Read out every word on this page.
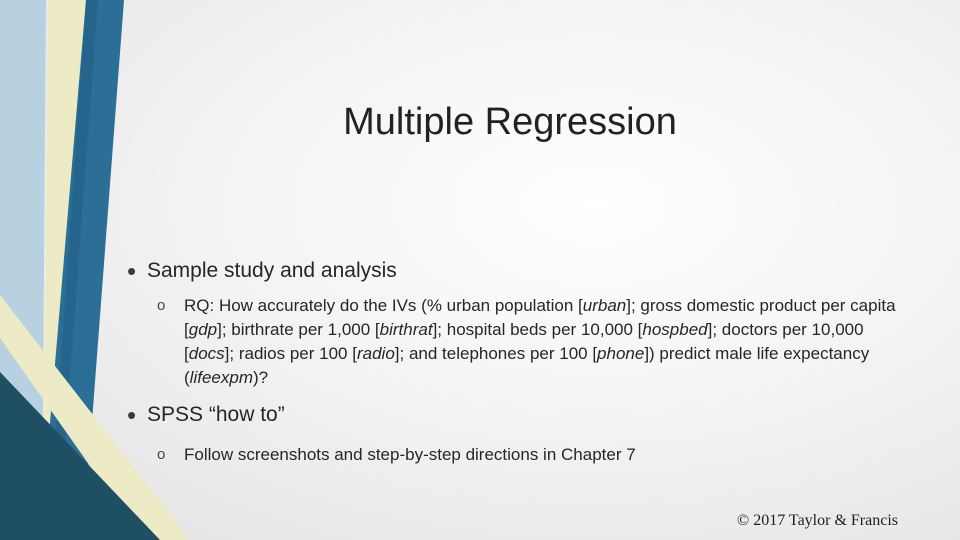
Multiple Regression
• Sample study and analysis
o RQ: How accurately do the IVs (% urban population [urban]; gross domestic product per capita [gdp]; birthrate per 1,000 [birthrat]; hospital beds per 10,000 [hospbed]; doctors per 10,000 [docs]; radios per 100 [radio]; and telephones per 100 [phone]) predict male life expectancy (lifeexpm)?
• SPSS “how to”
o Follow screenshots and step-by-step directions in Chapter 7
© 2017 Taylor & Francis
